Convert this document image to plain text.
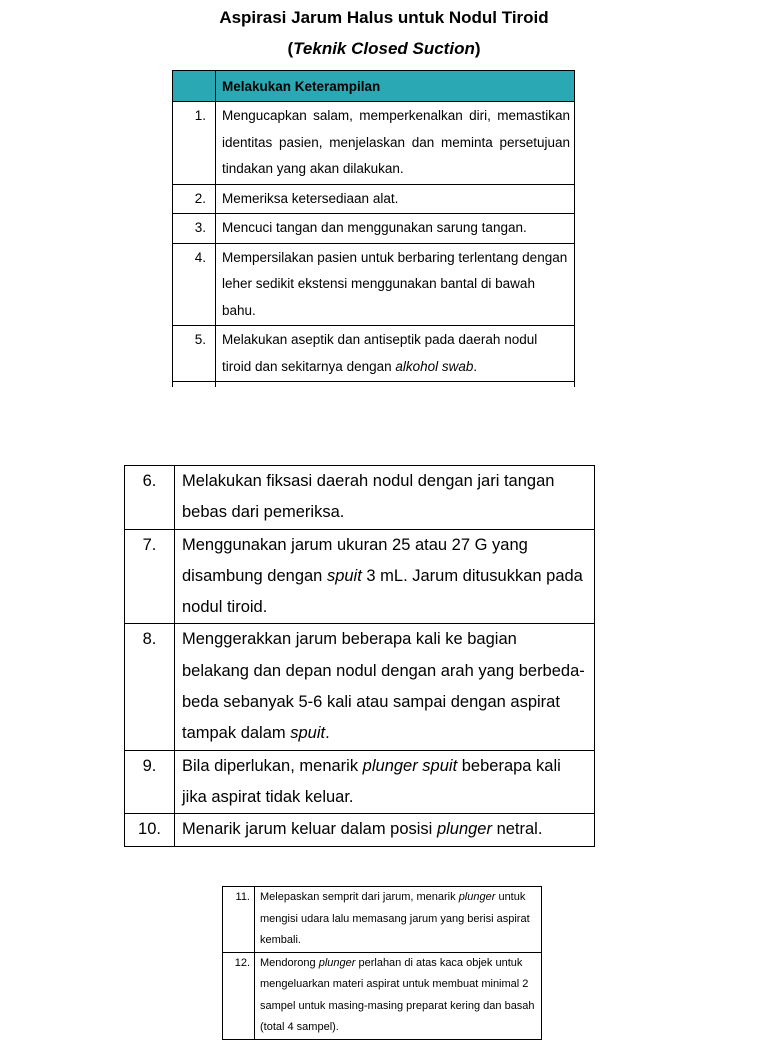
Aspirasi Jarum Halus untuk Nodul Tiroid
(Teknik Closed Suction)
	Melakukan Keterampilan
1.	Mengucapkan salam, memperkenalkan diri, memastikan identitas pasien, menjelaskan dan meminta persetujuan tindakan yang akan dilakukan.
2.	Memeriksa ketersediaan alat.
3.	Mencuci tangan dan menggunakan sarung tangan.
4.	Mempersilakan pasien untuk berbaring terlentang dengan leher sedikit ekstensi menggunakan bantal di bawah bahu.
5.	Melakukan aseptik dan antiseptik pada daerah nodul tiroid dan sekitarnya dengan alkohol swab.

6.	Melakukan fiksasi daerah nodul dengan jari tangan bebas dari pemeriksa.
7.	Menggunakan jarum ukuran 25 atau 27 G yang disambung dengan spuit 3 mL. Jarum ditusukkan pada nodul tiroid.
8.	Menggerakkan jarum beberapa kali ke bagian belakang dan depan nodul dengan arah yang berbeda-beda sebanyak 5-6 kali atau sampai dengan aspirat tampak dalam spuit.
9.	Bila diperlukan, menarik plunger spuit beberapa kali jika aspirat tidak keluar.
10.	Menarik jarum keluar dalam posisi plunger netral.
11.	Melepaskan semprit dari jarum, menarik plunger untuk mengisi udara lalu memasang jarum yang berisi aspirat kembali.
12.	Mendorong plunger perlahan di atas kaca objek untuk mengeluarkan materi aspirat untuk membuat minimal 2 sampel untuk masing-masing preparat kering dan basah (total 4 sampel).
